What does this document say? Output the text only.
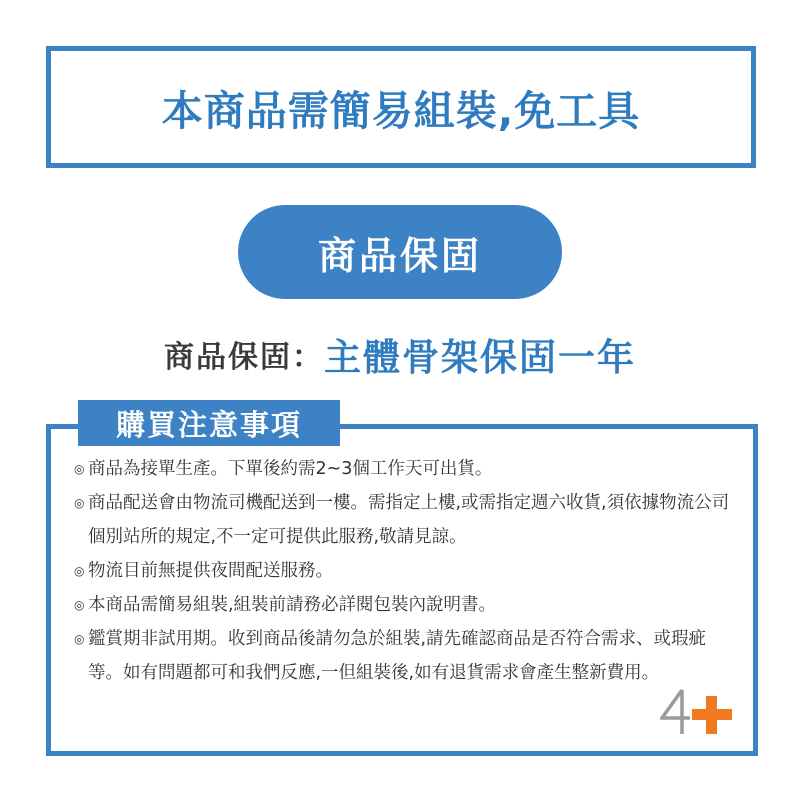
本商品需簡易組裝,免工具
商品保固
商品保固： 主體骨架保固一年
購買注意事項
◎ 商品為接單生產。下單後約需2~3個工作天可出貨。
◎ 商品配送會由物流司機配送到一樓。需指定上樓,或需指定週六收貨,須依據物流公司個別站所的規定,不一定可提供此服務,敬請見諒。
◎ 物流目前無提供夜間配送服務。
◎ 本商品需簡易組裝,組裝前請務必詳閱包裝內說明書。
◎ 鑑賞期非試用期。收到商品後請勿急於組裝,請先確認商品是否符合需求、或瑕疵等。如有問題都可和我們反應,一但組裝後,如有退貨需求會產生整新費用。
